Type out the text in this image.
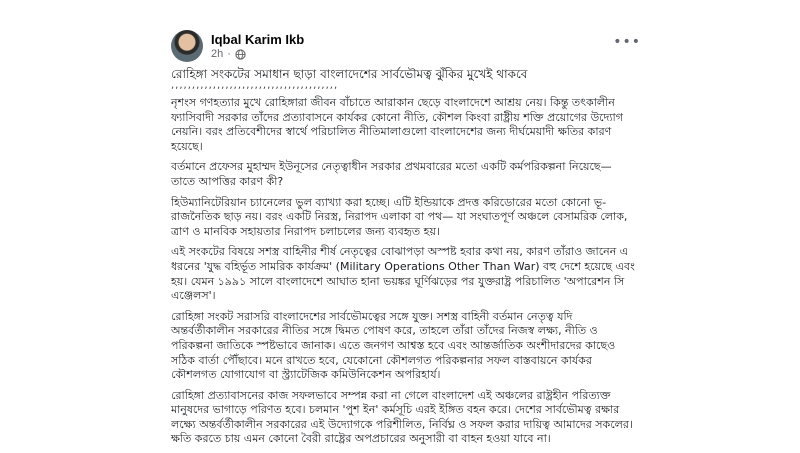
Iqbal Karim Ikb
2h ·
•••

রোহিঙ্গা সংকটের সমাধান ছাড়া বাংলাদেশের সার্বভৌমত্ব ঝুঁকির মুখেই থাকবে

,,,,,,,,,,,,,,,,,,,,,,,,,,,,,,,,,,,,,,,,

নৃশংস গণহত্যার মুখে রোহিঙ্গারা জীবন বাঁচাতে আরাকান ছেড়ে বাংলাদেশে আশ্রয় নেয়। কিন্তু তৎকালীন ফ্যাসিবাদী সরকার তাঁদের প্রত্যাবাসনে কার্যকর কোনো নীতি, কৌশল কিংবা রাষ্ট্রীয় শক্তি প্রয়োগের উদ্যোগ নেয়নি। বরং প্রতিবেশীদের স্বার্থে পরিচালিত নীতিমালাগুলো বাংলাদেশের জন্য দীর্ঘমেয়াদী ক্ষতির কারণ হয়েছে।

বর্তমানে প্রফেসর মুহাম্মদ ইউনূসের নেতৃত্বাধীন সরকার প্রথমবারের মতো একটি কর্মপরিকল্পনা নিয়েছে— তাতে আপত্তির কারণ কী?

হিউম্যানিটেরিয়ান চ্যানেলের ভুল ব্যাখ্যা করা হচ্ছে। এটি ইন্ডিয়াকে প্রদত্ত করিডোরের মতো কোনো ভূ-রাজনৈতিক ছাড় নয়। বরং একটি নিরস্ত্র, নিরাপদ এলাকা বা পথ— যা সংঘাতপূর্ণ অঞ্চলে বেসামরিক লোক, ত্রাণ ও মানবিক সহায়তার নিরাপদ চলাচলের জন্য ব্যবহৃত হয়।

এই সংকটের বিষয়ে সশস্ত্র বাহিনীর শীর্ষ নেতৃত্বের বোঝাপড়া অস্পষ্ট হবার কথা নয়, কারণ তাঁরাও জানেন এ ধরনের 'যুদ্ধ বহির্ভূত সামরিক কার্যক্রম' (Military Operations Other Than War) বহু দেশে হয়েছে এবং হয়। যেমন ১৯৯১ সালে বাংলাদেশে আঘাত হানা ভয়ঙ্কর ঘূর্ণিঝড়ের পর যুক্তরাষ্ট্র পরিচালিত 'অপারেশন সি এঞ্জেলস'।

রোহিঙ্গা সংকট সরাসরি বাংলাদেশের সার্বভৌমত্বের সঙ্গে যুক্ত। সশস্ত্র বাহিনী বর্তমান নেতৃত্ব যদি অন্তর্বর্তীকালীন সরকারের নীতির সঙ্গে দ্বিমত পোষণ করে, তাহলে তাঁরা তাঁদের নিজস্ব লক্ষ্য, নীতি ও পরিকল্পনা জাতিকে স্পষ্টভাবে জানাক। এতে জনগণ আশ্বস্ত হবে এবং আন্তর্জাতিক অংশীদারদের কাছেও সঠিক বার্তা পৌঁছাবে। মনে রাখতে হবে, যেকোনো কৌশলগত পরিকল্পনার সফল বাস্তবায়নে কার্যকর কৌশলগত যোগাযোগ বা স্ট্র্যাটেজিক কমিউনিকেশন অপরিহার্য।

রোহিঙ্গা প্রত্যাবাসনের কাজ সফলভাবে সম্পন্ন করা না গেলে বাংলাদেশ এই অঞ্চলের রাষ্ট্রহীন পরিত্যক্ত মানুষদের ভাগাড়ে পরিণত হবে। চলমান 'পুশ ইন' কর্মসূচি এরই ইঙ্গিত বহন করে। দেশের সার্বভৌমত্ব রক্ষার লক্ষ্যে অন্তর্বর্তীকালীন সরকারের এই উদ্যোগকে পরিশীলিত, নির্বিঘ্ন ও সফল করার দায়িত্ব আমাদের সকলের। ক্ষতি করতে চায় এমন কোনো বৈরী রাষ্ট্রের অপপ্রচারের অনুসারী বা বাহন হওয়া যাবে না।
